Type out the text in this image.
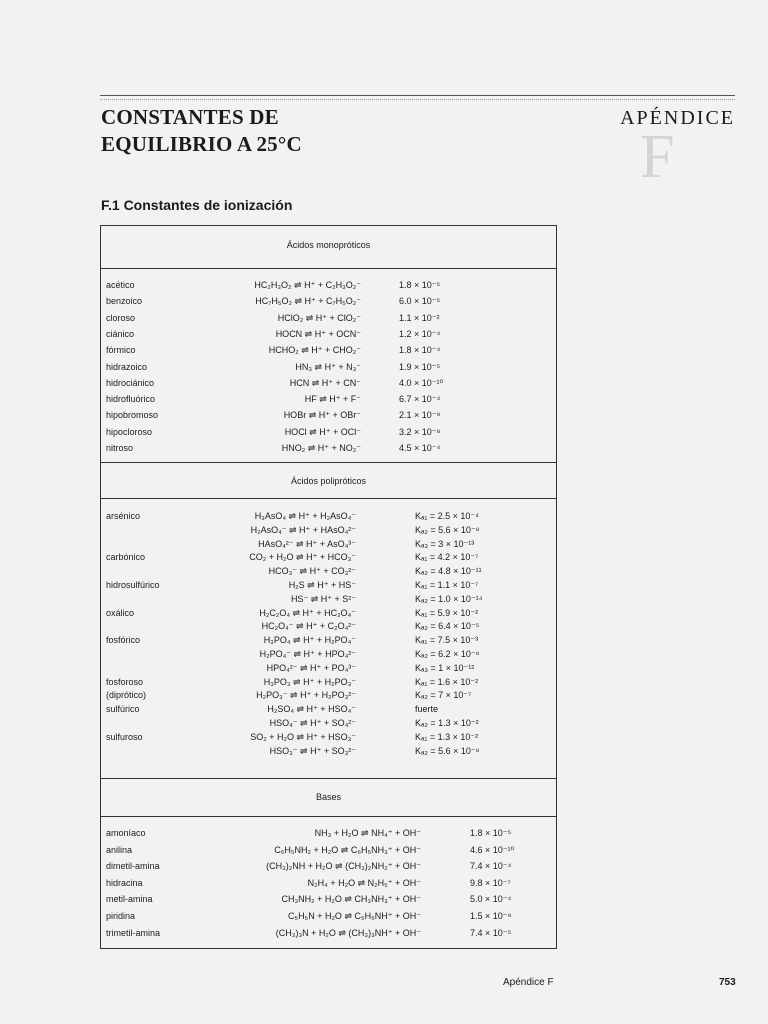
CONSTANTES DE
EQUILIBRIO A 25°C
APÉNDICE
F
F.1 Constantes de ionización
Ácidos monopróticos
acético	HC₂H₃O₂ ⇌ H⁺ + C₂H₃O₂⁻	1.8 × 10⁻⁵
benzoico	HC₇H₅O₂ ⇌ H⁺ + C₇H₅O₂⁻	6.0 × 10⁻⁵
cloroso	HClO₂ ⇌ H⁺ + ClO₂⁻	1.1 × 10⁻²
ciánico	HOCN ⇌ H⁺ + OCN⁻	1.2 × 10⁻⁴
fórmico	HCHO₂ ⇌ H⁺ + CHO₂⁻	1.8 × 10⁻⁴
hidrazoico	HN₃ ⇌ H⁺ + N₃⁻	1.9 × 10⁻⁵
hidrociánico	HCN ⇌ H⁺ + CN⁻	4.0 × 10⁻¹⁰
hidrofluórico	HF ⇌ H⁺ + F⁻	6.7 × 10⁻⁴
hipobromoso	HOBr ⇌ H⁺ + OBr⁻	2.1 × 10⁻⁹
hipocloroso	HOCl ⇌ H⁺ + OCl⁻	3.2 × 10⁻⁸
nitroso	HNO₂ ⇌ H⁺ + NO₂⁻	4.5 × 10⁻⁴
Ácidos polipróticos
arsénico	H₃AsO₄ ⇌ H⁺ + H₂AsO₄⁻	Kₐ₁ = 2.5 × 10⁻⁴
H₂AsO₄⁻ ⇌ H⁺ + HAsO₄²⁻	Kₐ₂ = 5.6 × 10⁻⁸
HAsO₄²⁻ ⇌ H⁺ + AsO₄³⁻	Kₐ₃ = 3 × 10⁻¹³
carbónico	CO₂ + H₂O ⇌ H⁺ + HCO₃⁻	Kₐ₁ = 4.2 × 10⁻⁷
HCO₃⁻ ⇌ H⁺ + CO₃²⁻	Kₐ₂ = 4.8 × 10⁻¹¹
hidrosulfúrico	H₂S ⇌ H⁺ + HS⁻	Kₐ₁ = 1.1 × 10⁻⁷
HS⁻ ⇌ H⁺ + S²⁻	Kₐ₂ = 1.0 × 10⁻¹⁴
oxálico	H₂C₂O₄ ⇌ H⁺ + HC₂O₄⁻	Kₐ₁ = 5.9 × 10⁻²
HC₂O₄⁻ ⇌ H⁺ + C₂O₄²⁻	Kₐ₂ = 6.4 × 10⁻⁵
fosfórico	H₃PO₄ ⇌ H⁺ + H₂PO₄⁻	Kₐ₁ = 7.5 × 10⁻³
H₂PO₄⁻ ⇌ H⁺ + HPO₄²⁻	Kₐ₂ = 6.2 × 10⁻⁸
HPO₄²⁻ ⇌ H⁺ + PO₄³⁻	Kₐ₃ = 1 × 10⁻¹²
fosforoso	H₃PO₃ ⇌ H⁺ + H₂PO₃⁻	Kₐ₁ = 1.6 × 10⁻²
(diprótico)	H₂PO₃⁻ ⇌ H⁺ + H₂PO₃²⁻	Kₐ₂ = 7 × 10⁻⁷
sulfúrico	H₂SO₄ ⇌ H⁺ + HSO₄⁻	fuerte
HSO₄⁻ ⇌ H⁺ + SO₄²⁻	Kₐ₂ = 1.3 × 10⁻²
sulfuroso	SO₂ + H₂O ⇌ H⁺ + HSO₃⁻	Kₐ₁ = 1.3 × 10⁻²
HSO₃⁻ ⇌ H⁺ + SO₃²⁻	Kₐ₂ = 5.6 × 10⁻⁸
Bases
amoníaco	NH₃ + H₂O ⇌ NH₄⁺ + OH⁻	1.8 × 10⁻⁵
anilina	C₆H₅NH₂ + H₂O ⇌ C₆H₅NH₃⁺ + OH⁻	4.6 × 10⁻¹⁰
dimetil-amina	(CH₃)₂NH + H₂O ⇌ (CH₃)₂NH₂⁺ + OH⁻	7.4 × 10⁻⁴
hidracina	N₂H₄ + H₂O ⇌ N₂H₅⁺ + OH⁻	9.8 × 10⁻⁷
metil-amina	CH₃NH₂ + H₂O ⇌ CH₃NH₃⁺ + OH⁻	5.0 × 10⁻⁴
piridina	C₅H₅N + H₂O ⇌ C₅H₅NH⁺ + OH⁻	1.5 × 10⁻⁹
trimetil-amina	(CH₃)₃N + H₂O ⇌ (CH₃)₃NH⁺ + OH⁻	7.4 × 10⁻⁵
Apéndice F	753
